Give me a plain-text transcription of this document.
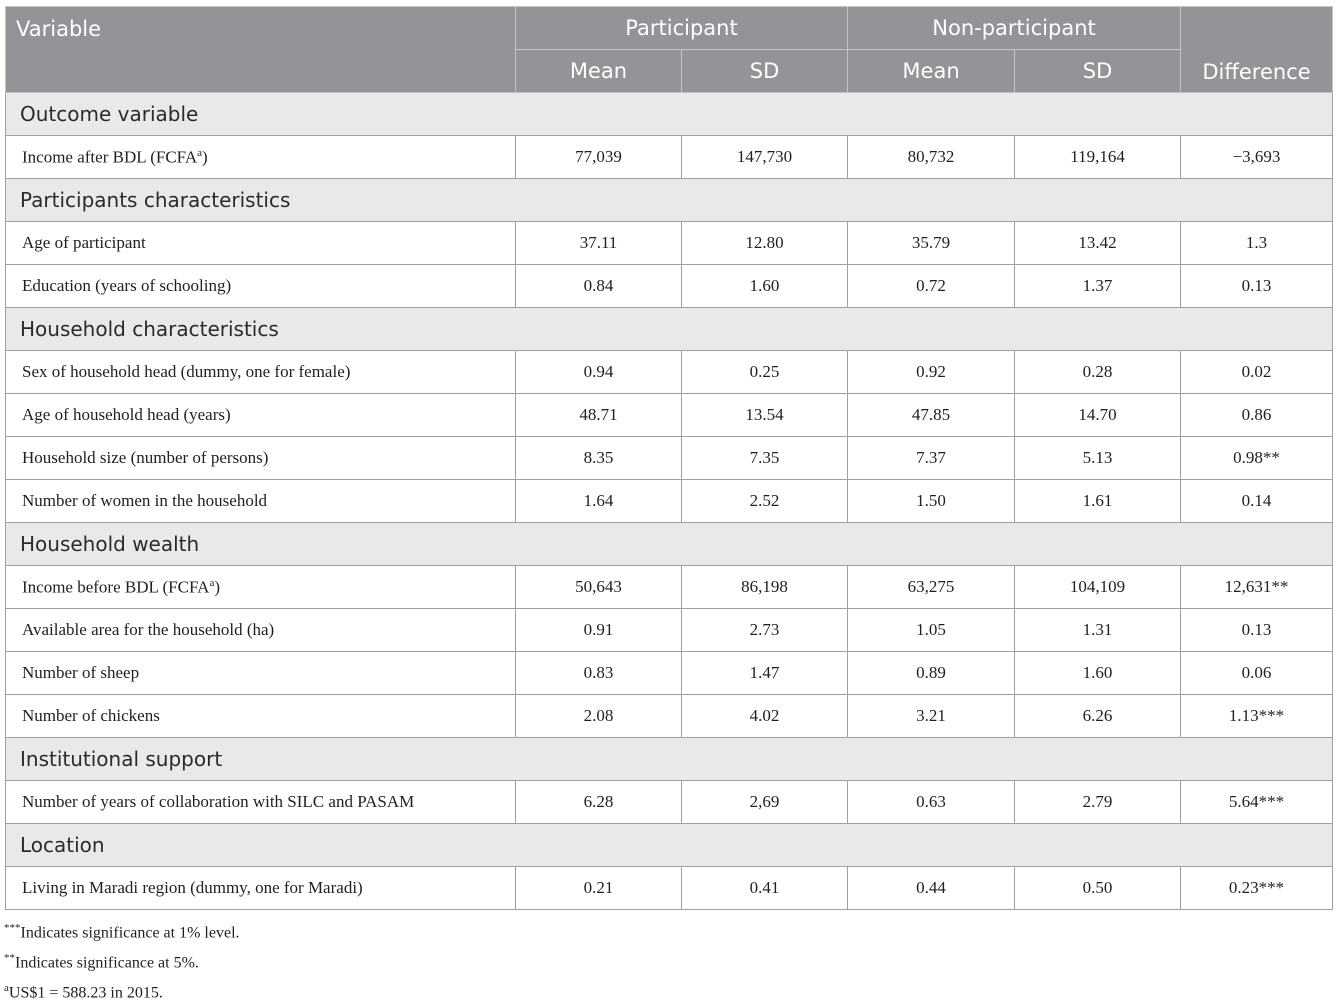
Variable	Participant		Non-participant		Difference
	Mean	SD	Mean	SD	
Outcome variable					
Income after BDL (FCFA$^a$)	77,039	147,730	80,732	119,164	−3,693
Participants characteristics					
Age of participant	37.11	12.80	35.79	13.42	1.3
Education (years of schooling)	0.84	1.60	0.72	1.37	0.13
Household characteristics					
Sex of household head (dummy, one for female)	0.94	0.25	0.92	0.28	0.02
Age of household head (years)	48.71	13.54	47.85	14.70	0.86
Household size (number of persons)	8.35	7.35	7.37	5.13	0.98**
Number of women in the household	1.64	2.52	1.50	1.61	0.14
Household wealth					
Income before BDL (FCFA$^a$)	50,643	86,198	63,275	104,109	12,631**
Available area for the household (ha)	0.91	2.73	1.05	1.31	0.13
Number of sheep	0.83	1.47	0.89	1.60	0.06
Number of chickens	2.08	4.02	3.21	6.26	1.13***
Institutional support					
Number of years of collaboration with SILC and PASAM	6.28	2,69	0.63	2.79	5.64***
Location					
Living in Maradi region (dummy, one for Maradi)	0.21	0.41	0.44	0.50	0.23***
***Indicates significance at 1% level.
**Indicates significance at 5%.
$^a$US$1 = 588.23 in 2015.
